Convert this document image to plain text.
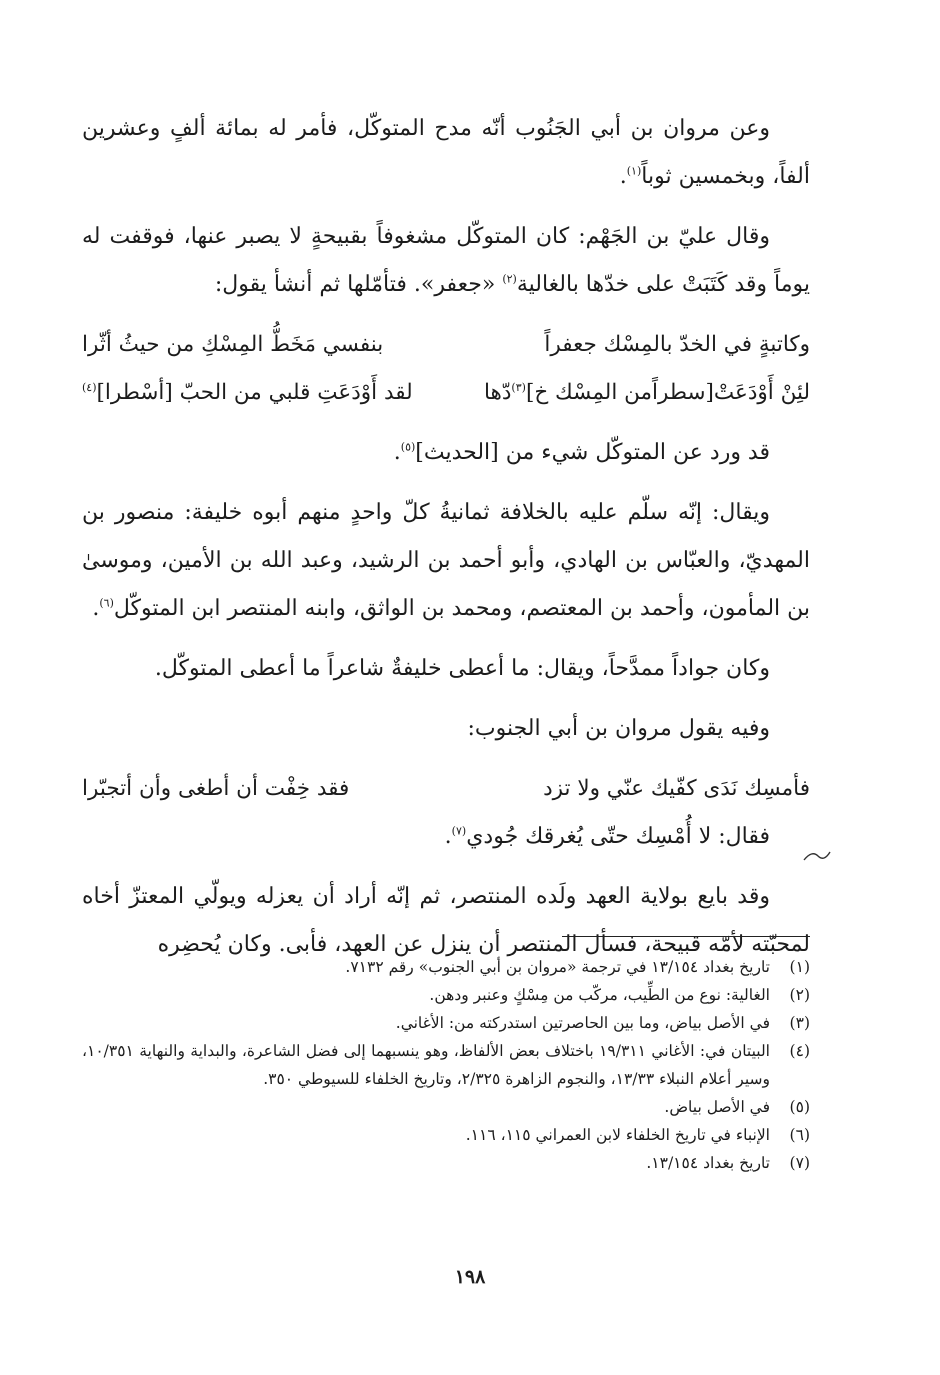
وعن مروان بن أبي الجَنُوب أنّه مدح المتوكّل، فأمر له بمائة ألفٍ وعشرين ألفاً، وبخمسين ثوباً$^{(١)}$.

وقال عليّ بن الجَهْم: كان المتوكّل مشغوفاً بقبيحةٍ لا يصبر عنها، فوقفت له يوماً وقد كَتَبَتْ على خدّها بالغالية$^{(٢)}$ «جعفر». فتأمّلها ثم أنشأ يقول:

وكاتبةٍ في الخدّ بالمِسْك جعفراً
بنفسي مَخَطُّ المِسْكِ من حيثُ أثّرا
لئِنْ أَوْدَعَتْ[سطراًمن المِسْك خ]$^{(٣)}$دّها
لقد أَوْدَعَتِ قلبي من الحبّ [أسْطرا]$^{(٤)}$

قد ورد عن المتوكّل شيء من [الحديث]$^{(٥)}$.

ويقال: إنّه سلّم عليه بالخلافة ثمانيةُ كلّ واحدٍ منهم أبوه خليفة: منصور بن المهديّ، والعبّاس بن الهادي، وأبو أحمد بن الرشيد، وعبد الله بن الأمين، وموسىٰ بن المأمون، وأحمد بن المعتصم، ومحمد بن الواثق، وابنه المنتصر ابن المتوكّل$^{(٦)}$.

وكان جواداً ممدَّحاً، ويقال: ما أعطى خليفةٌ شاعراً ما أعطى المتوكّل.

وفيه يقول مروان بن أبي الجنوب:

فأمسِك نَدَى كفّيك عنّي ولا تزد
فقد خِفْت أن أطغى وأن أتجبّرا

فقال: لا أُمْسِك حتّى يُغرقك جُودي$^{(٧)}$.

وقد بايع بولاية العهد ولَده المنتصر، ثم إنّه أراد أن يعزله ويولّي المعتزّ أخاه لمحبّته لأمّه قبيحة، فسأل المنتصر أن ينزل عن العهد، فأبى. وكان يُحضِره

(١)
تاريخ بغداد ١٣/١٥٤ في ترجمة «مروان بن أبي الجنوب» رقم ٧١٣٢.
(٢)
الغالية: نوع من الطِّيب، مركّب من مِسْكٍ وعنبر ودهن.
(٣)
في الأصل بياض، وما بين الحاصرتين استدركته من: الأغاني.
(٤)
البيتان في: الأغاني ١٩/٣١١ باختلاف بعض الألفاظ، وهو ينسبهما إلى فضل الشاعرة، والبداية والنهاية ١٠/٣٥١، وسير أعلام النبلاء ١٣/٣٣، والنجوم الزاهرة ٢/٣٢٥، وتاريخ الخلفاء للسيوطي ٣٥٠.
(٥)
في الأصل بياض.
(٦)
الإنباء في تاريخ الخلفاء لابن العمراني ١١٥، ١١٦.
(٧)
تاريخ بغداد ١٣/١٥٤.
١٩٨
